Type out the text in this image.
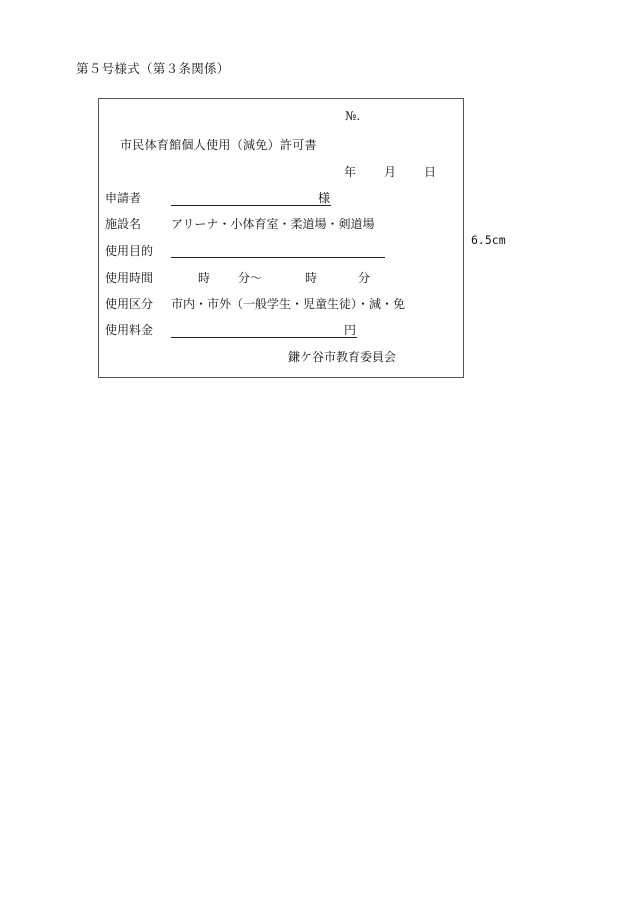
第５号様式（第３条関係）
№.
市民体育館個人使用（減免）許可書
年 月 日
申請者	様
施設名 アリーナ・小体育室・柔道場・剣道場
使用目的
使用時間	時 分〜	時	分
使用区分 市内・市外（一般学生・児童生徒）・減・免
使用料金	円
鎌ケ谷市教育委員会
6.5cm
